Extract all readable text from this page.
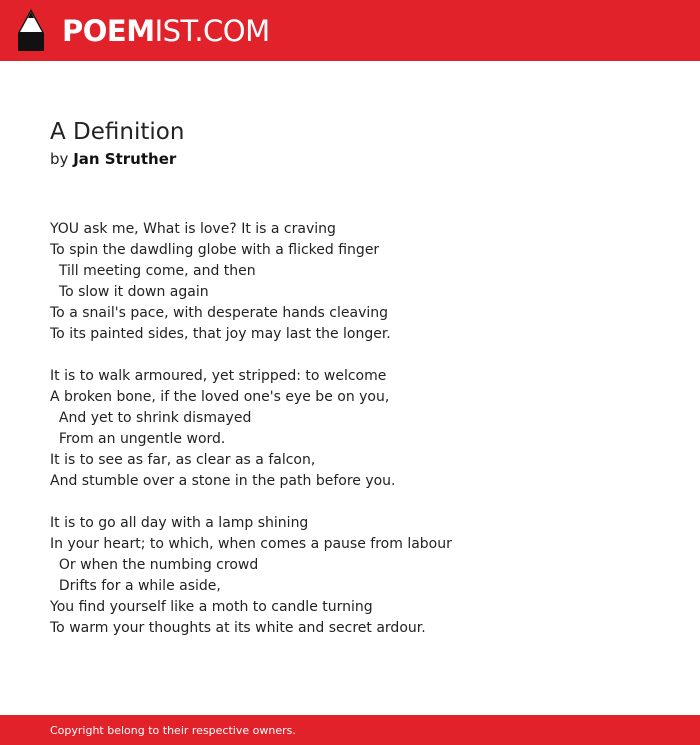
POEMIST.COM
A Definition
by Jan Struther
YOU ask me, What is love? It is a craving
To spin the dawdling globe with a flicked finger
Till meeting come, and then
To slow it down again
To a snail's pace, with desperate hands cleaving
To its painted sides, that joy may last the longer.
It is to walk armoured, yet stripped: to welcome
A broken bone, if the loved one's eye be on you,
And yet to shrink dismayed
From an ungentle word.
It is to see as far, as clear as a falcon,
And stumble over a stone in the path before you.
It is to go all day with a lamp shining
In your heart; to which, when comes a pause from labour
Or when the numbing crowd
Drifts for a while aside,
You find yourself like a moth to candle turning
To warm your thoughts at its white and secret ardour.
Copyright belong to their respective owners.
